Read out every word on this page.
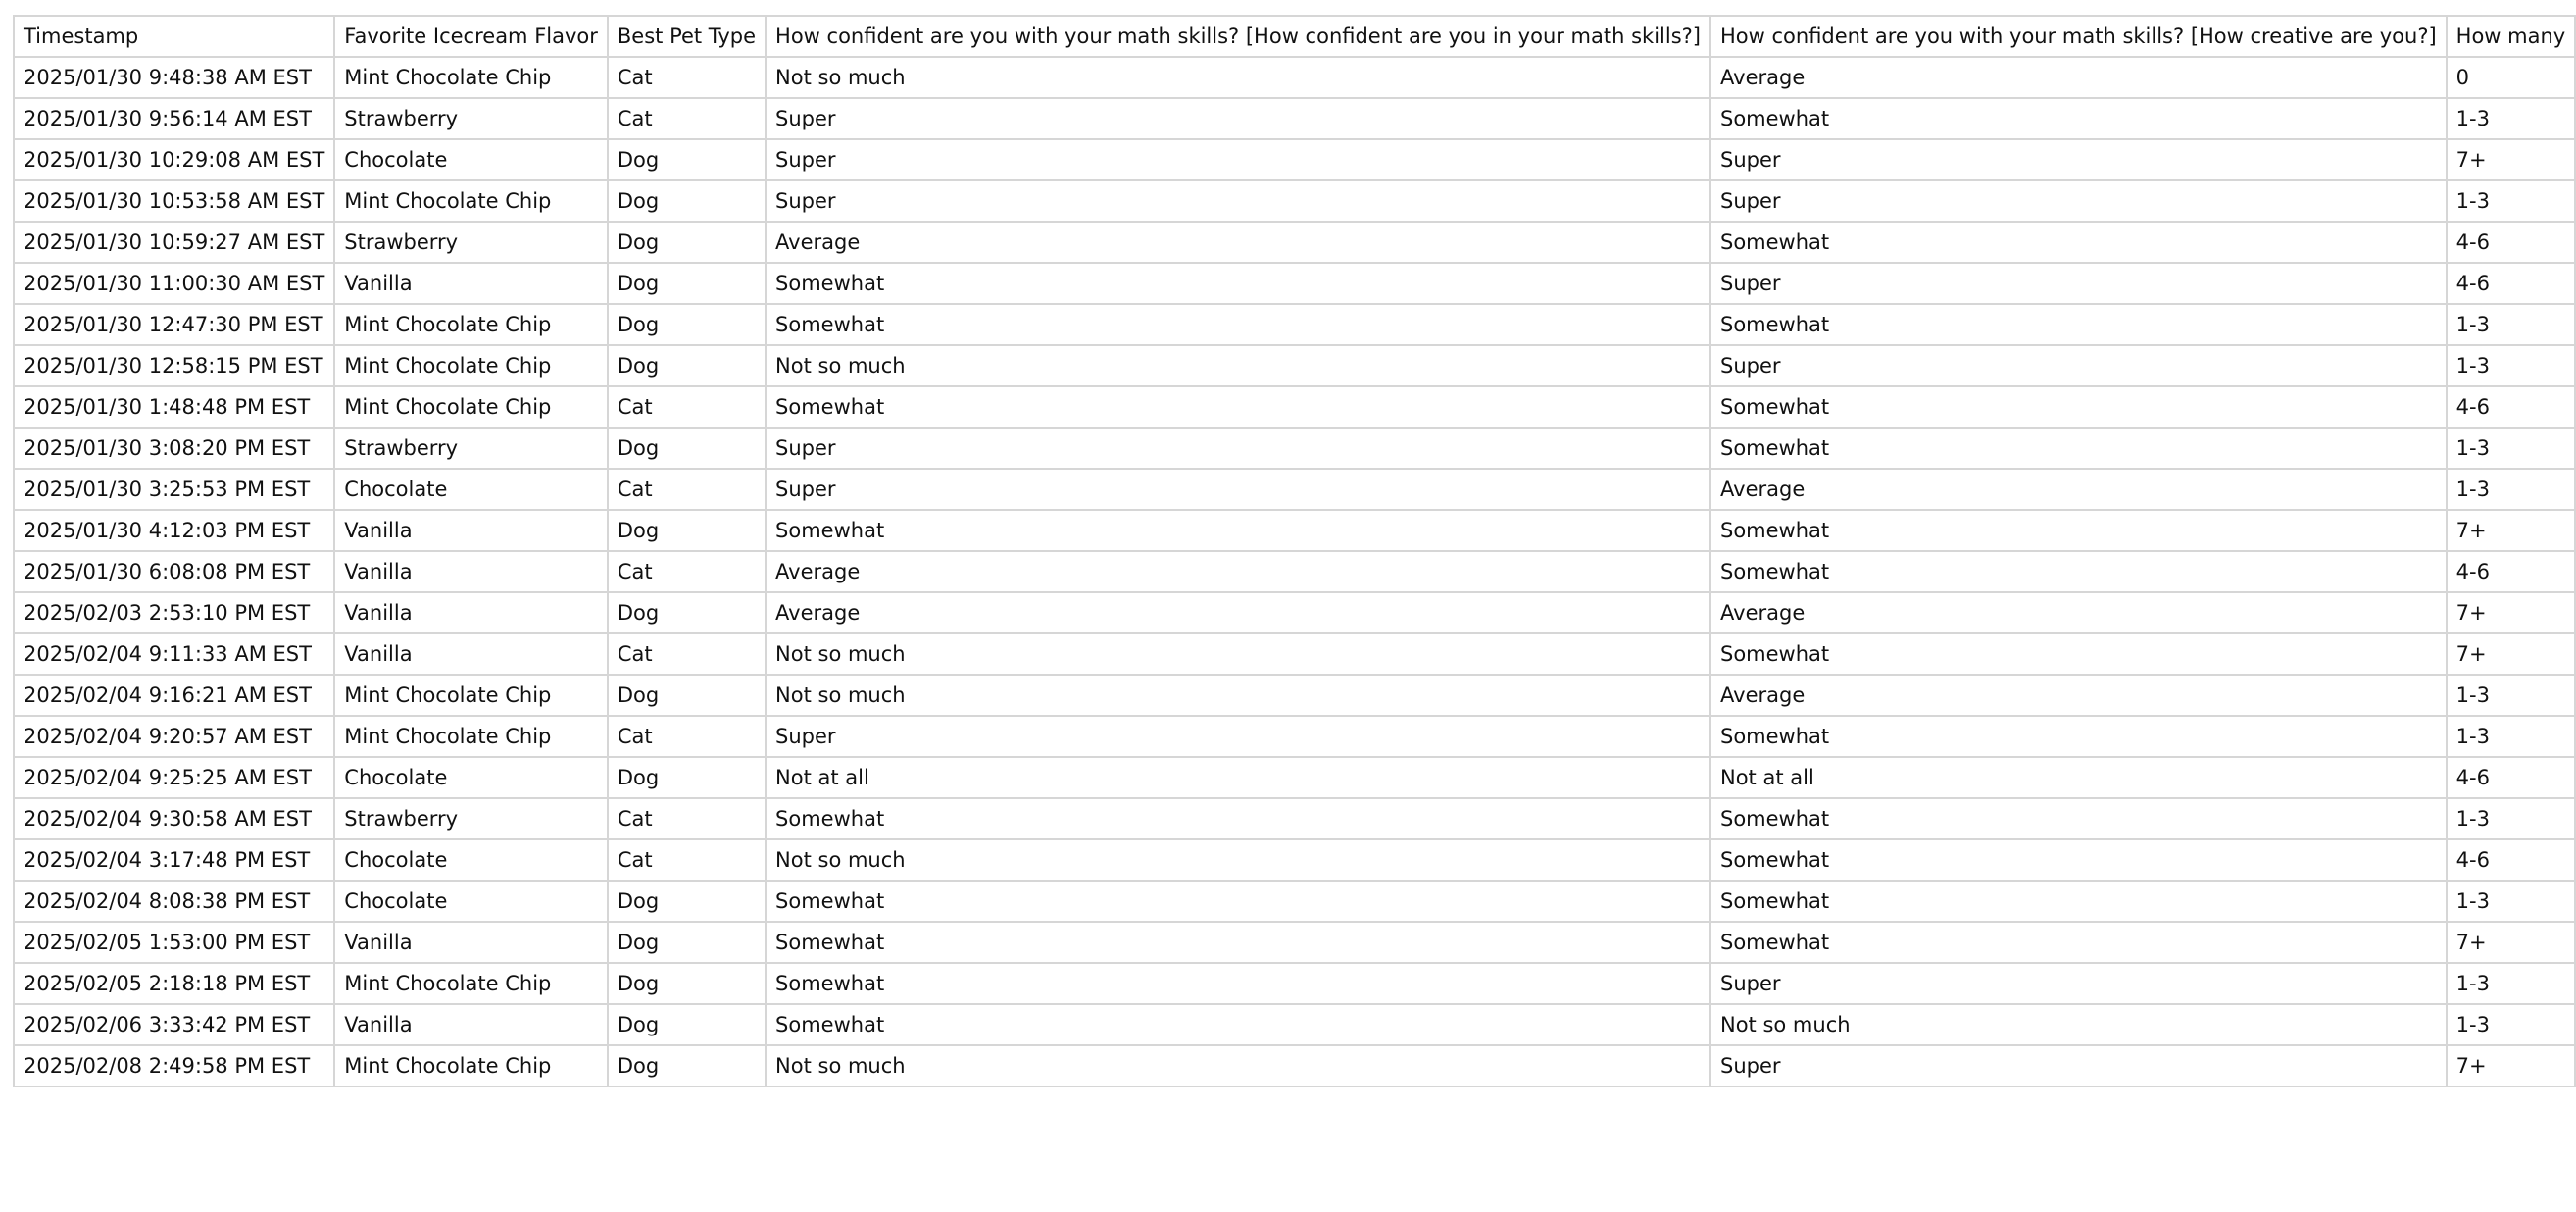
Timestamp	Favorite Icecream Flavor	Best Pet Type	How confident are you with your math skills? [How confident are you in your math skills?]	How confident are you with your math skills? [How creative are you?]	How many
2025/01/30 9:48:38 AM EST	Mint Chocolate Chip	Cat	Not so much	Average	0
2025/01/30 9:56:14 AM EST	Strawberry	Cat	Super	Somewhat	1-3
2025/01/30 10:29:08 AM EST	Chocolate	Dog	Super	Super	7+
2025/01/30 10:53:58 AM EST	Mint Chocolate Chip	Dog	Super	Super	1-3
2025/01/30 10:59:27 AM EST	Strawberry	Dog	Average	Somewhat	4-6
2025/01/30 11:00:30 AM EST	Vanilla	Dog	Somewhat	Super	4-6
2025/01/30 12:47:30 PM EST	Mint Chocolate Chip	Dog	Somewhat	Somewhat	1-3
2025/01/30 12:58:15 PM EST	Mint Chocolate Chip	Dog	Not so much	Super	1-3
2025/01/30 1:48:48 PM EST	Mint Chocolate Chip	Cat	Somewhat	Somewhat	4-6
2025/01/30 3:08:20 PM EST	Strawberry	Dog	Super	Somewhat	1-3
2025/01/30 3:25:53 PM EST	Chocolate	Cat	Super	Average	1-3
2025/01/30 4:12:03 PM EST	Vanilla	Dog	Somewhat	Somewhat	7+
2025/01/30 6:08:08 PM EST	Vanilla	Cat	Average	Somewhat	4-6
2025/02/03 2:53:10 PM EST	Vanilla	Dog	Average	Average	7+
2025/02/04 9:11:33 AM EST	Vanilla	Cat	Not so much	Somewhat	7+
2025/02/04 9:16:21 AM EST	Mint Chocolate Chip	Dog	Not so much	Average	1-3
2025/02/04 9:20:57 AM EST	Mint Chocolate Chip	Cat	Super	Somewhat	1-3
2025/02/04 9:25:25 AM EST	Chocolate	Dog	Not at all	Not at all	4-6
2025/02/04 9:30:58 AM EST	Strawberry	Cat	Somewhat	Somewhat	1-3
2025/02/04 3:17:48 PM EST	Chocolate	Cat	Not so much	Somewhat	4-6
2025/02/04 8:08:38 PM EST	Chocolate	Dog	Somewhat	Somewhat	1-3
2025/02/05 1:53:00 PM EST	Vanilla	Dog	Somewhat	Somewhat	7+
2025/02/05 2:18:18 PM EST	Mint Chocolate Chip	Dog	Somewhat	Super	1-3
2025/02/06 3:33:42 PM EST	Vanilla	Dog	Somewhat	Not so much	1-3
2025/02/08 2:49:58 PM EST	Mint Chocolate Chip	Dog	Not so much	Super	7+
